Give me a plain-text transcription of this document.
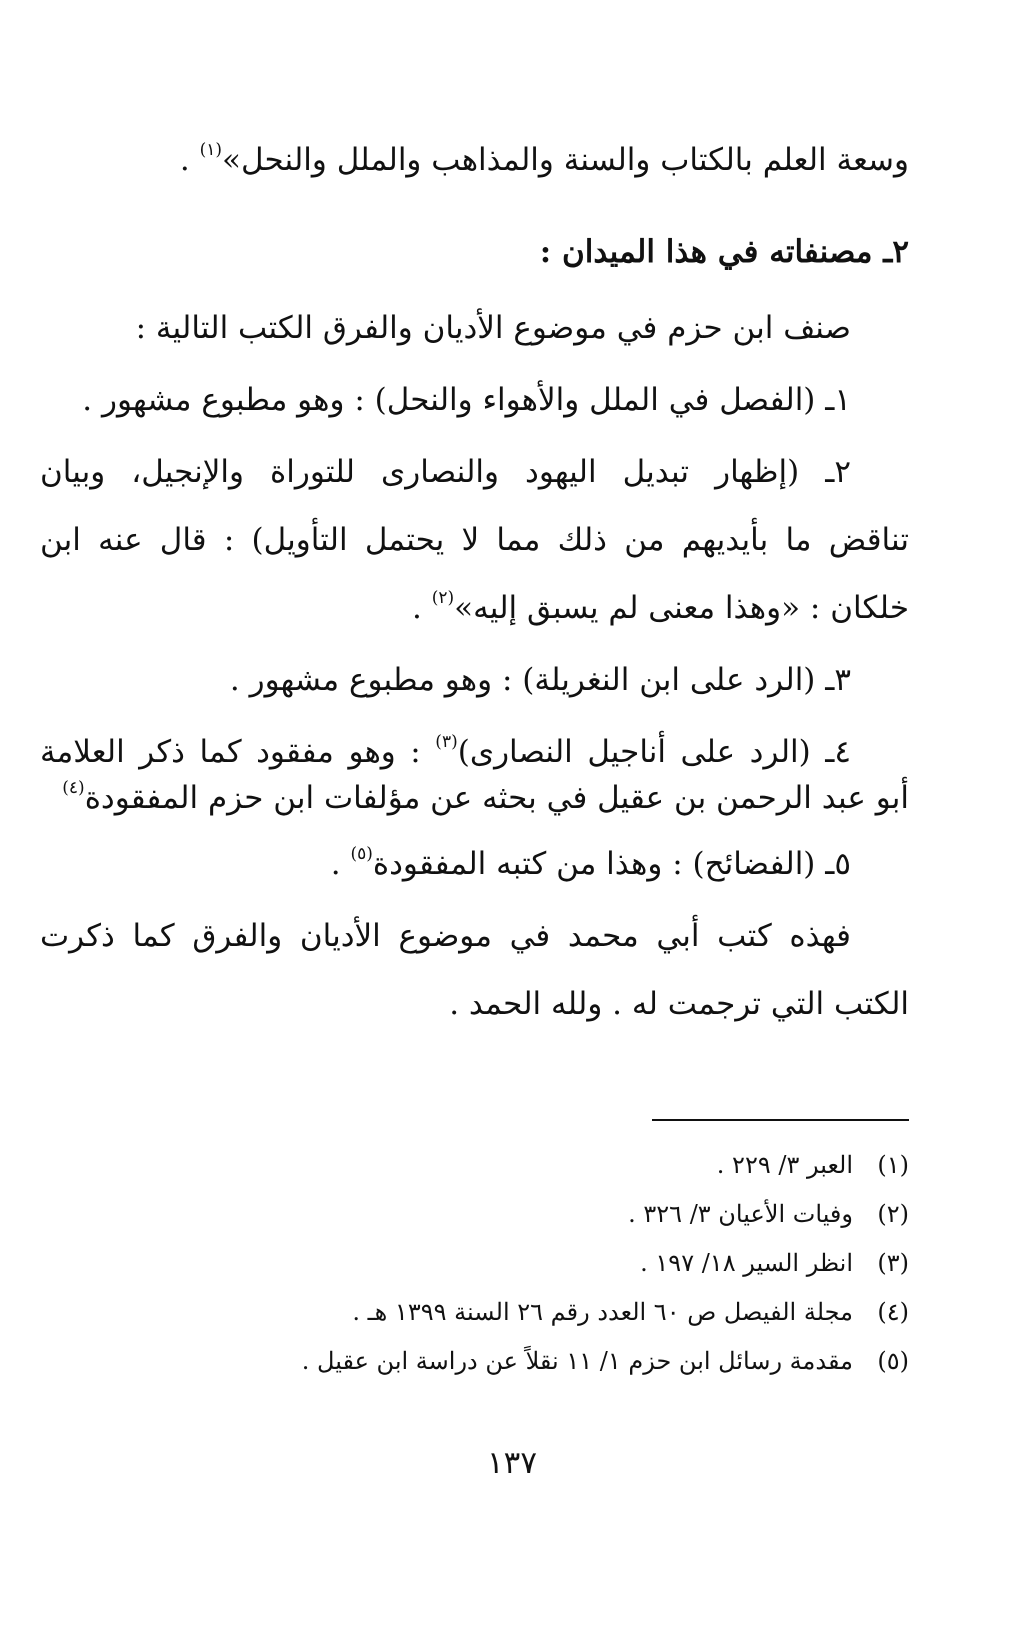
وسعة العلم بالكتاب والسنة والمذاهب والملل والنحل»$^{(١)}$ .
٢ـ مصنفاته في هذا الميدان :
صنف ابن حزم في موضوع الأديان والفرق الكتب التالية :
١ـ (الفصل في الملل والأهواء والنحل) : وهو مطبوع مشهور .
٢ـ (إظهار تبديل اليهود والنصارى للتوراة والإنجيل، وبيان
تناقض ما بأيديهم من ذلك مما لا يحتمل التأويل) : قال عنه ابن
خلكان : «وهذا معنى لم يسبق إليه»$^{(٢)}$ .
٣ـ (الرد على ابن النغريلة) : وهو مطبوع مشهور .
٤ـ (الرد على أناجيل النصارى)$^{(٣)}$ : وهو مفقود كما ذكر العلامة
أبو عبد الرحمن بن عقيل في بحثه عن مؤلفات ابن حزم المفقودة$^{(٤)}$
٥ـ (الفضائح) : وهذا من كتبه المفقودة$^{(٥)}$ .
فهذه كتب أبي محمد في موضوع الأديان والفرق كما ذكرت
الكتب التي ترجمت له . ولله الحمد .
(١)
العبر ٣/ ٢٢٩ .
(٢)
وفيات الأعيان ٣/ ٣٢٦ .
(٣)
انظر السير ١٨/ ١٩٧ .
(٤)
مجلة الفيصل ص ٦٠ العدد رقم ٢٦ السنة ١٣٩٩ هـ .
(٥)
مقدمة رسائل ابن حزم ١/ ١١ نقلاً عن دراسة ابن عقيل .
١٣٧
